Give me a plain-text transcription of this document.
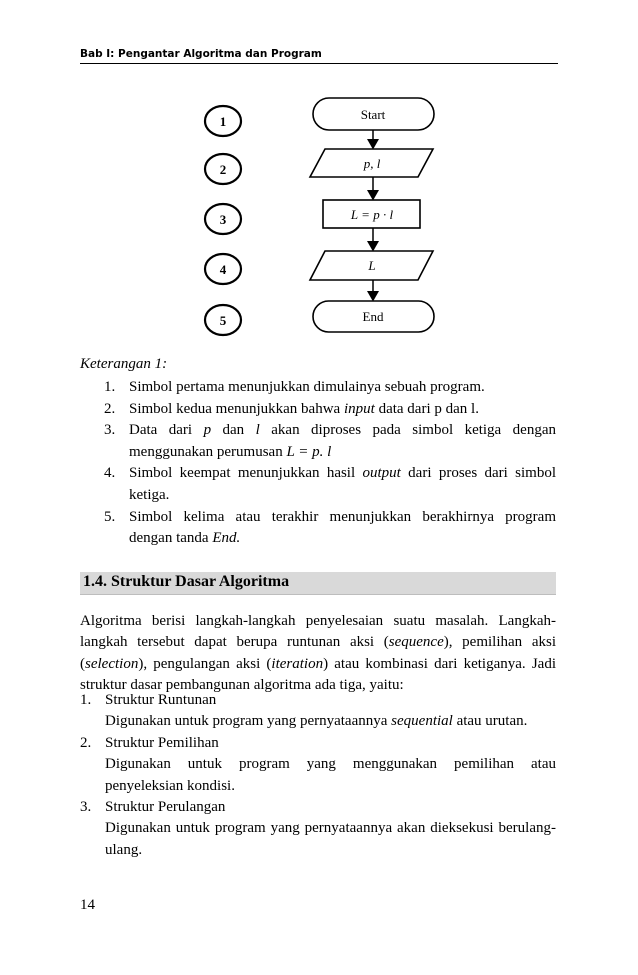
Bab I: Pengantar Algoritma dan Program
1
2
3
4
5
Start
p, l
L = p · l
L
End
Keterangan 1:
1. Simbol pertama menunjukkan dimulainya sebuah program.
2. Simbol kedua menunjukkan bahwa input data dari p dan l.
3. Data dari p dan l akan diproses pada simbol ketiga dengan menggunakan perumusan L = p. l
4. Simbol keempat menunjukkan hasil output dari proses dari simbol ketiga.
5. Simbol kelima atau terakhir menunjukkan berakhirnya program dengan tanda End.
1.4. Struktur Dasar Algoritma
Algoritma berisi langkah-langkah penyelesaian suatu masalah. Langkah-langkah tersebut dapat berupa runtunan aksi (sequence), pemilihan aksi (selection), pengulangan aksi (iteration) atau kombinasi dari ketiganya. Jadi struktur dasar pembangunan algoritma ada tiga, yaitu:
1. Struktur Runtunan
Digunakan untuk program yang pernyataannya sequential atau urutan.
2. Struktur Pemilihan
Digunakan untuk program yang menggunakan pemilihan atau penyeleksian kondisi.
3. Struktur Perulangan
Digunakan untuk program yang pernyataannya akan dieksekusi berulang-ulang.
14
